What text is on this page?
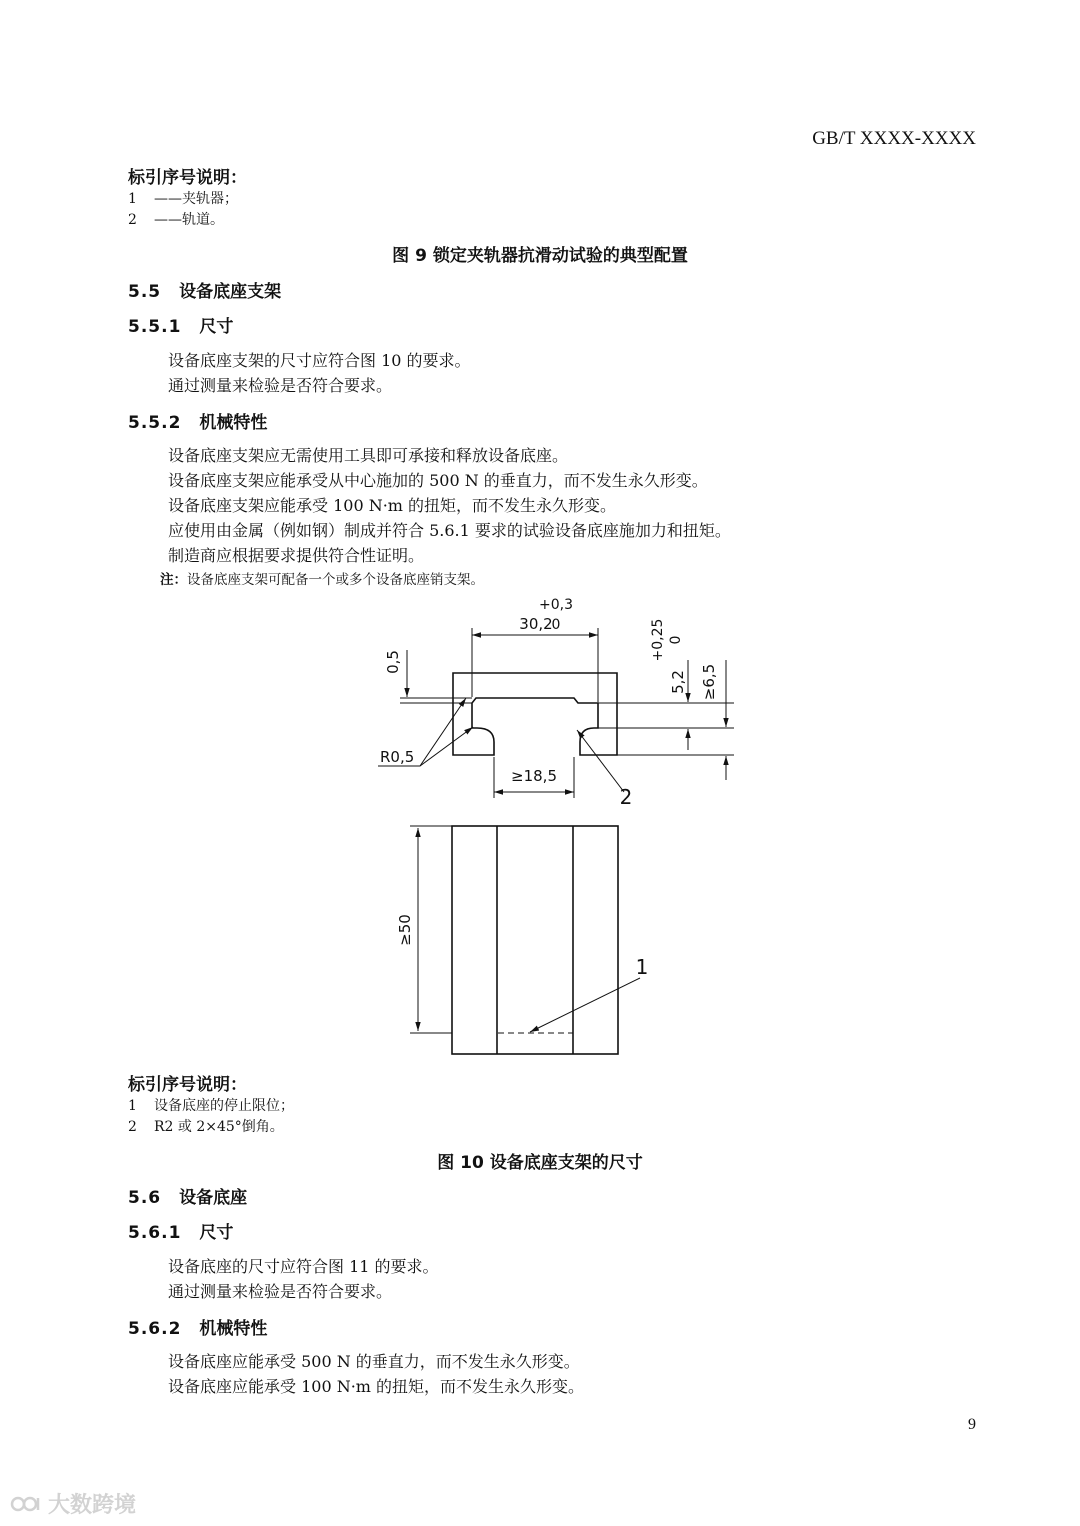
GB/T XXXX-XXXX
标引序号说明：
1 ——夹轨器；
2 ——轨道。
图 9 锁定夹轨器抗滑动试验的典型配置
5.5 设备底座支架
5.5.1 尺寸
设备底座支架的尺寸应符合图 10 的要求。
通过测量来检验是否符合要求。
5.5.2 机械特性
设备底座支架应无需使用工具即可承接和释放设备底座。
设备底座支架应能承受从中心施加的 500 N 的垂直力，而不发生永久形变。
设备底座支架应能承受 100 N·m 的扭矩，而不发生永久形变。
应使用由金属（例如钢）制成并符合 5.6.1 要求的试验设备底座施加力和扭矩。
制造商应根据要求提供符合性证明。
注：设备底座支架可配备一个或多个设备底座销支架。
30,2
+0,3
0
0,5
+0,25 0
5,2 ≥6,5
R0,5
≥18,5
≥50
2
1
标引序号说明：
1 设备底座的停止限位；
2 R2 或 2×45°倒角。
图 10 设备底座支架的尺寸
5.6 设备底座
5.6.1 尺寸
设备底座的尺寸应符合图 11 的要求。
通过测量来检验是否符合要求。
5.6.2 机械特性
设备底座应能承受 500 N 的垂直力，而不发生永久形变。
设备底座应能承受 100 N·m 的扭矩，而不发生永久形变。
9
大数跨境
